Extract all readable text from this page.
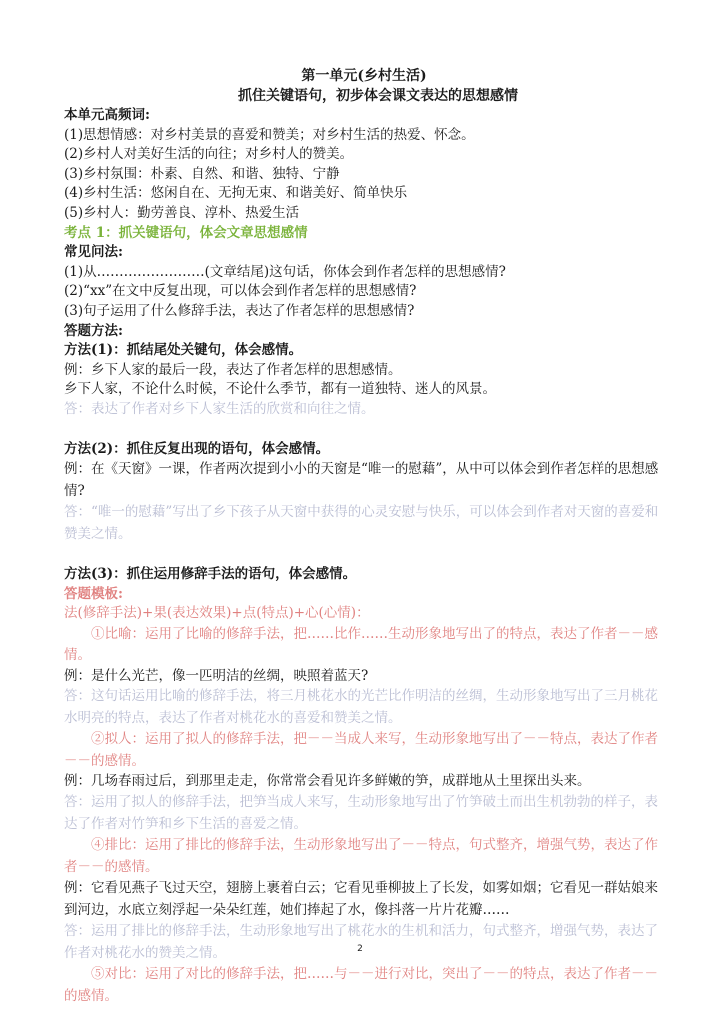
第一单元(乡村生活)
抓住关键语句，初步体会课文表达的思想感情
本单元高频词:
(1)思想情感：对乡村美景的喜爱和赞美；对乡村生活的热爱、怀念。
(2)乡村人对美好生活的向往；对乡村人的赞美。
(3)乡村氛围：朴素、自然、和谐、独特、宁静
(4)乡村生活：悠闲自在、无拘无束、和谐美好、简单快乐
(5)乡村人：勤劳善良、淳朴、热爱生活
考点 1：抓关键语句，体会文章思想感情
常见问法:
(1)从……………………(文章结尾)这句话，你体会到作者怎样的思想感情?
(2)“xx”在文中反复出现，可以体会到作者怎样的思想感情?
(3)句子运用了什么修辞手法，表达了作者怎样的思想感情?
答题方法:
方法(1)：抓结尾处关键句，体会感情。
例：乡下人家的最后一段，表达了作者怎样的思想感情。
乡下人家，不论什么时候，不论什么季节，都有一道独特、迷人的风景。
答：表达了作者对乡下人家生活的欣赏和向往之情。
方法(2)：抓住反复出现的语句，体会感情。
例：在《天窗》一课，作者两次提到小小的天窗是“唯一的慰藉”，从中可以体会到作者怎样的思想感情?
答：“唯一的慰藉”写出了乡下孩子从天窗中获得的心灵安慰与快乐，可以体会到作者对天窗的喜爱和赞美之情。
方法(3)：抓住运用修辞手法的语句，体会感情。
答题模板:
法(修辞手法)+果(表达效果)+点(特点)+心(心情)：
①比喻：运用了比喻的修辞手法，把……比作……生动形象地写出了的特点，表达了作者－－感情。
例：是什么光芒，像一匹明洁的丝绸，映照着蓝天?
答：这句话运用比喻的修辞手法，将三月桃花水的光芒比作明洁的丝绸，生动形象地写出了三月桃花水明亮的特点，表达了作者对桃花水的喜爱和赞美之情。
②拟人：运用了拟人的修辞手法，把－－当成人来写，生动形象地写出了－－特点，表达了作者－－的感情。
例：几场春雨过后，到那里走走，你常常会看见许多鲜嫩的笋，成群地从土里探出头来。
答：运用了拟人的修辞手法，把笋当成人来写，生动形象地写出了竹笋破土而出生机勃勃的样子，表达了作者对竹笋和乡下生活的喜爱之情。
④排比：运用了排比的修辞手法，生动形象地写出了－－特点，句式整齐，增强气势，表达了作者－－的感情。
例：它看见燕子飞过天空，翅膀上裹着白云；它看见垂柳披上了长发，如雾如烟；它看见一群姑娘来到河边，水底立刻浮起一朵朵红莲，她们捧起了水，像抖落一片片花瓣……
答：运用了排比的修辞手法，生动形象地写出了桃花水的生机和活力，句式整齐，增强气势，表达了作者对桃花水的赞美之情。
⑤对比：运用了对比的修辞手法，把……与－－进行对比，突出了－－的特点，表达了作者－－的感情。
2
